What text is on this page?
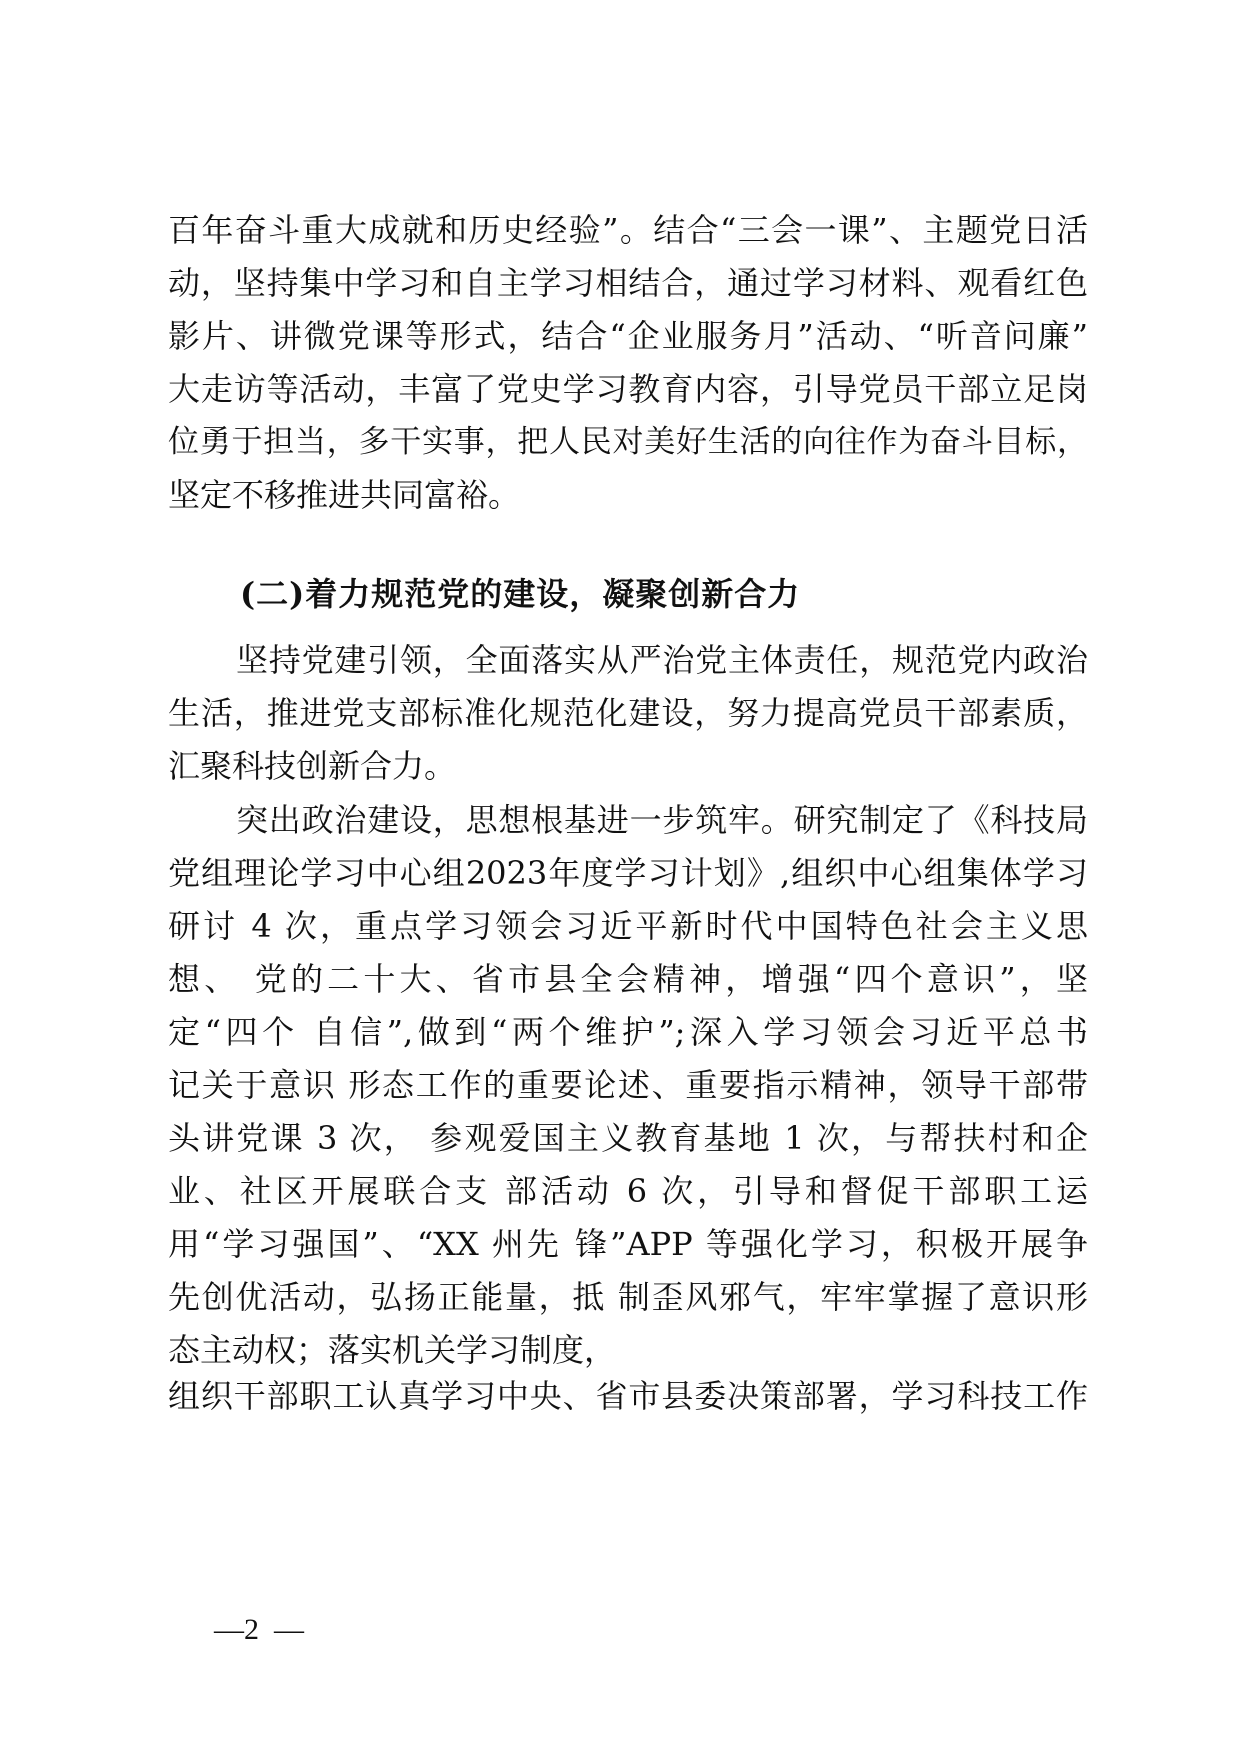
百年奋斗重大成就和历史经验”。结合“三会一课”、主题党日活
动，坚持集中学习和自主学习相结合，通过学习材料、观看红色
影片、讲微党课等形式，结合“企业服务月”活动、“听音问廉”
大走访等活动，丰富了党史学习教育内容，引导党员干部立足岗
位勇于担当，多干实事，把人民对美好生活的向往作为奋斗目标，
坚定不移推进共同富裕。
(二)着力规范党的建设，凝聚创新合力
坚持党建引领，全面落实从严治党主体责任，规范党内政治
生活，推进党支部标准化规范化建设，努力提高党员干部素质，
汇聚科技创新合力。
突出政治建设，思想根基进一步筑牢。研究制定了《科技局
党组理论学习中心组2023年度学习计划》,组织中心组集体学习
研讨 4 次，重点学习领会习近平新时代中国特色社会主义思
想、 党的二十大、省市县全会精神，增强“四个意识”，坚
定“四个 自信”,做到“两个维护”;深入学习领会习近平总书
记关于意识 形态工作的重要论述、重要指示精神，领导干部带
头讲党课 3 次， 参观爱国主义教育基地 1 次，与帮扶村和企
业、社区开展联合支 部活动 6 次，引导和督促干部职工运
用“学习强国”、“XX 州先 锋”APP 等强化学习，积极开展争
先创优活动，弘扬正能量，抵 制歪风邪气，牢牢掌握了意识形
态主动权；落实机关学习制度，
组织干部职工认真学习中央、省市县委决策部署，学习科技工作
—2  —
